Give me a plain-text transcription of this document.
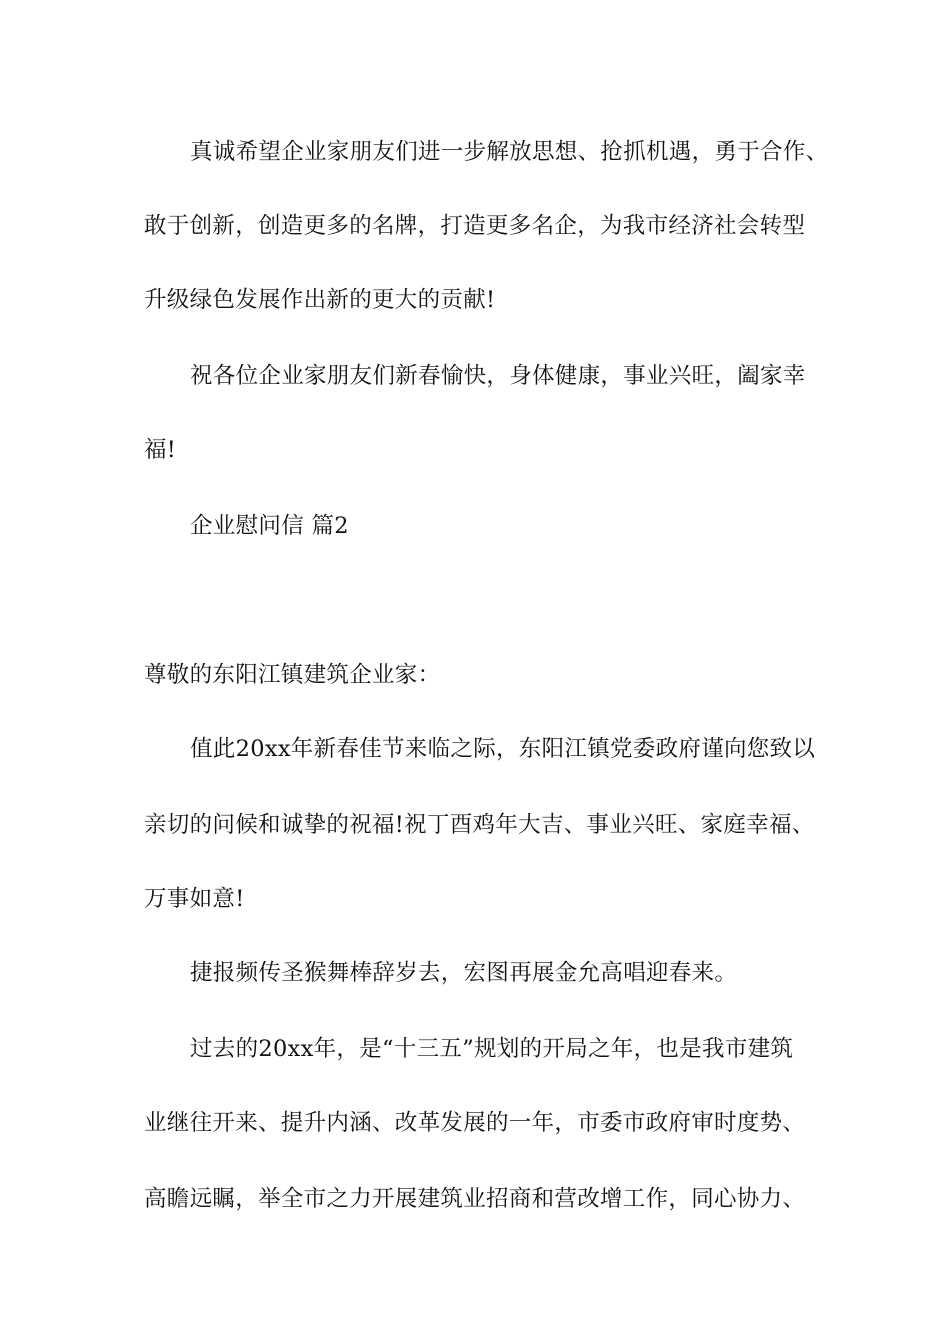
真诚希望企业家朋友们进一步解放思想、抢抓机遇，勇于合作、
敢于创新，创造更多的名牌，打造更多名企，为我市经济社会转型
升级绿色发展作出新的更大的贡献!
祝各位企业家朋友们新春愉快，身体健康，事业兴旺，阖家幸
福!
企业慰问信 篇2
尊敬的东阳江镇建筑企业家：
值此20xx年新春佳节来临之际，东阳江镇党委政府谨向您致以
亲切的问候和诚挚的祝福!祝丁酉鸡年大吉、事业兴旺、家庭幸福、
万事如意!
捷报频传圣猴舞棒辞岁去，宏图再展金允高唱迎春来。
过去的20xx年，是“十三五”规划的开局之年，也是我市建筑
业继往开来、提升内涵、改革发展的一年，市委市政府审时度势、
高瞻远瞩，举全市之力开展建筑业招商和营改增工作，同心协力、
